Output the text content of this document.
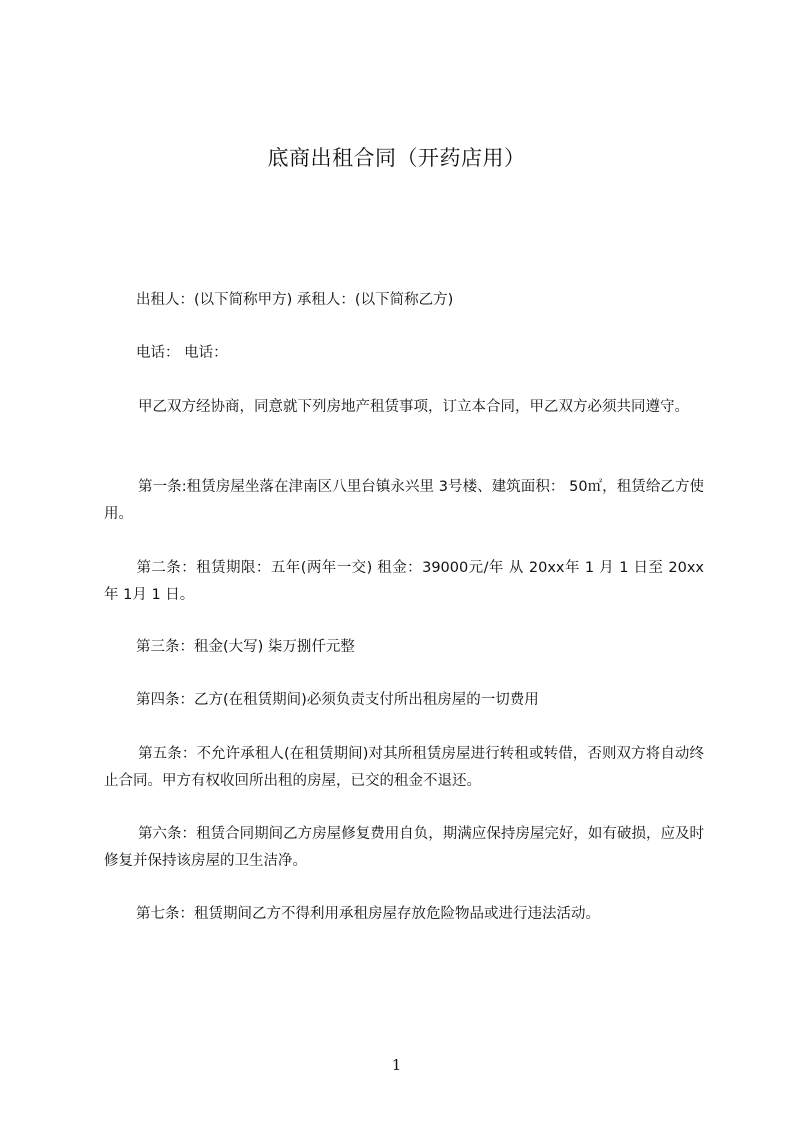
底商出租合同（开药店用）
出租人：(以下简称甲方) 承租人：(以下简称乙方)
电话： 电话：
甲乙双方经协商，同意就下列房地产租赁事项，订立本合同，甲乙双方必须共同遵守。
第一条:租赁房屋坐落在津南区八里台镇永兴里 3号楼、建筑面积： 50㎡，租赁给乙方使用。
第二条：租赁期限：五年(两年一交) 租金：39000元/年 从 20xx年 1 月 1 日至 20xx 年 1月 1 日。
第三条：租金(大写) 柒万捌仟元整
第四条：乙方(在租赁期间)必须负责支付所出租房屋的一切费用
第五条：不允许承租人(在租赁期间)对其所租赁房屋进行转租或转借，否则双方将自动终止合同。甲方有权收回所出租的房屋，已交的租金不退还。
第六条：租赁合同期间乙方房屋修复费用自负，期满应保持房屋完好，如有破损，应及时修复并保持该房屋的卫生洁净。
第七条：租赁期间乙方不得利用承租房屋存放危险物品或进行违法活动。
1
